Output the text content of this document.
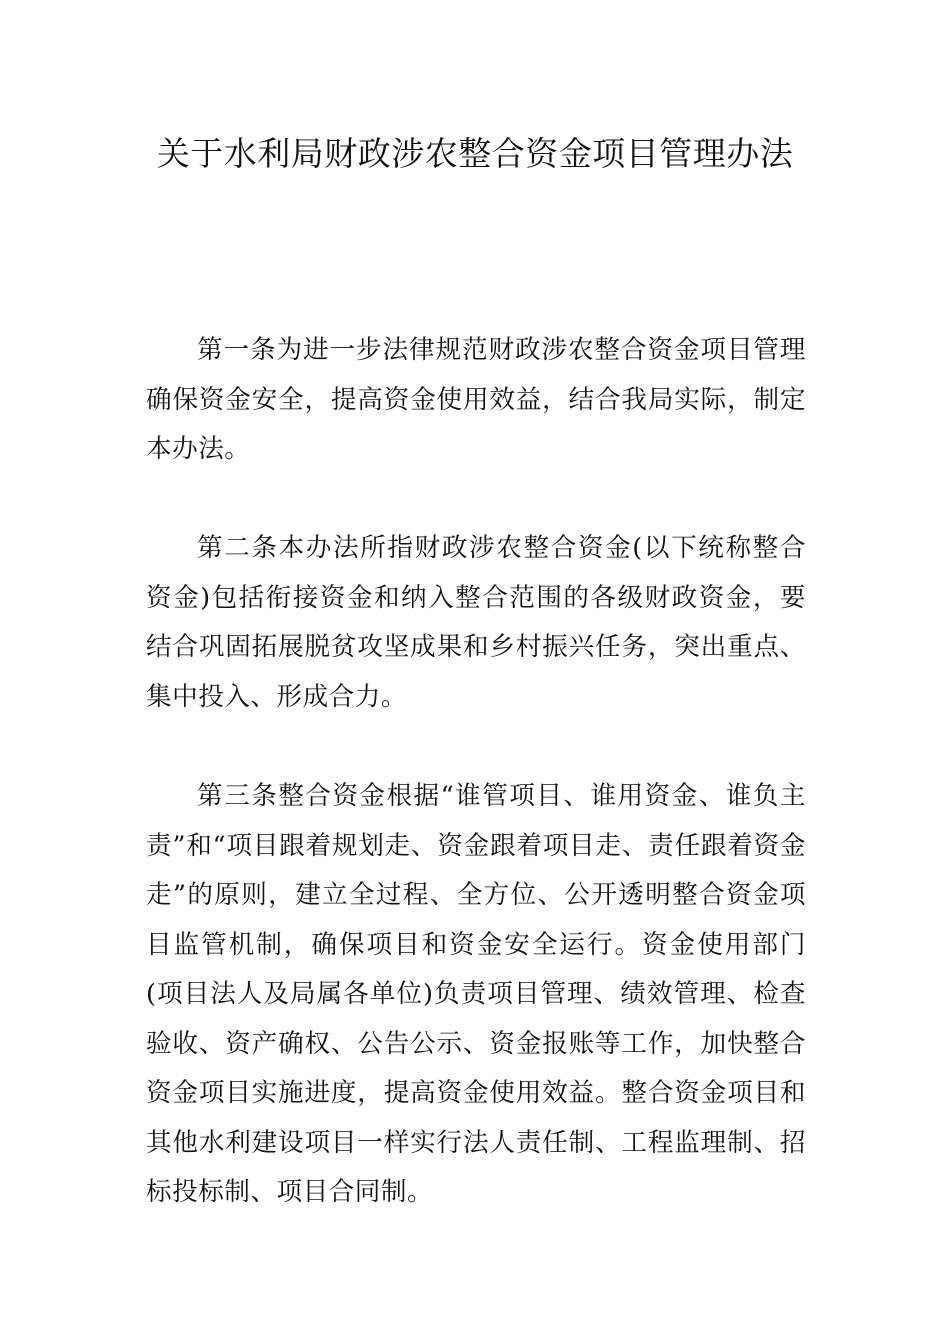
关于水利局财政涉农整合资金项目管理办法

第一条为进一步法律规范财政涉农整合资金项目管理确保资金安全，提高资金使用效益，结合我局实际，制定本办法。

第二条本办法所指财政涉农整合资金(以下统称整合资金)包括衔接资金和纳入整合范围的各级财政资金，要结合巩固拓展脱贫攻坚成果和乡村振兴任务，突出重点、集中投入、形成合力。

第三条整合资金根据“谁管项目、谁用资金、谁负主责”和“项目跟着规划走、资金跟着项目走、责任跟着资金走”的原则，建立全过程、全方位、公开透明整合资金项目监管机制，确保项目和资金安全运行。资金使用部门(项目法人及局属各单位)负责项目管理、绩效管理、检查验收、资产确权、公告公示、资金报账等工作，加快整合资金项目实施进度，提高资金使用效益。整合资金项目和其他水利建设项目一样实行法人责任制、工程监理制、招标投标制、项目合同制。
